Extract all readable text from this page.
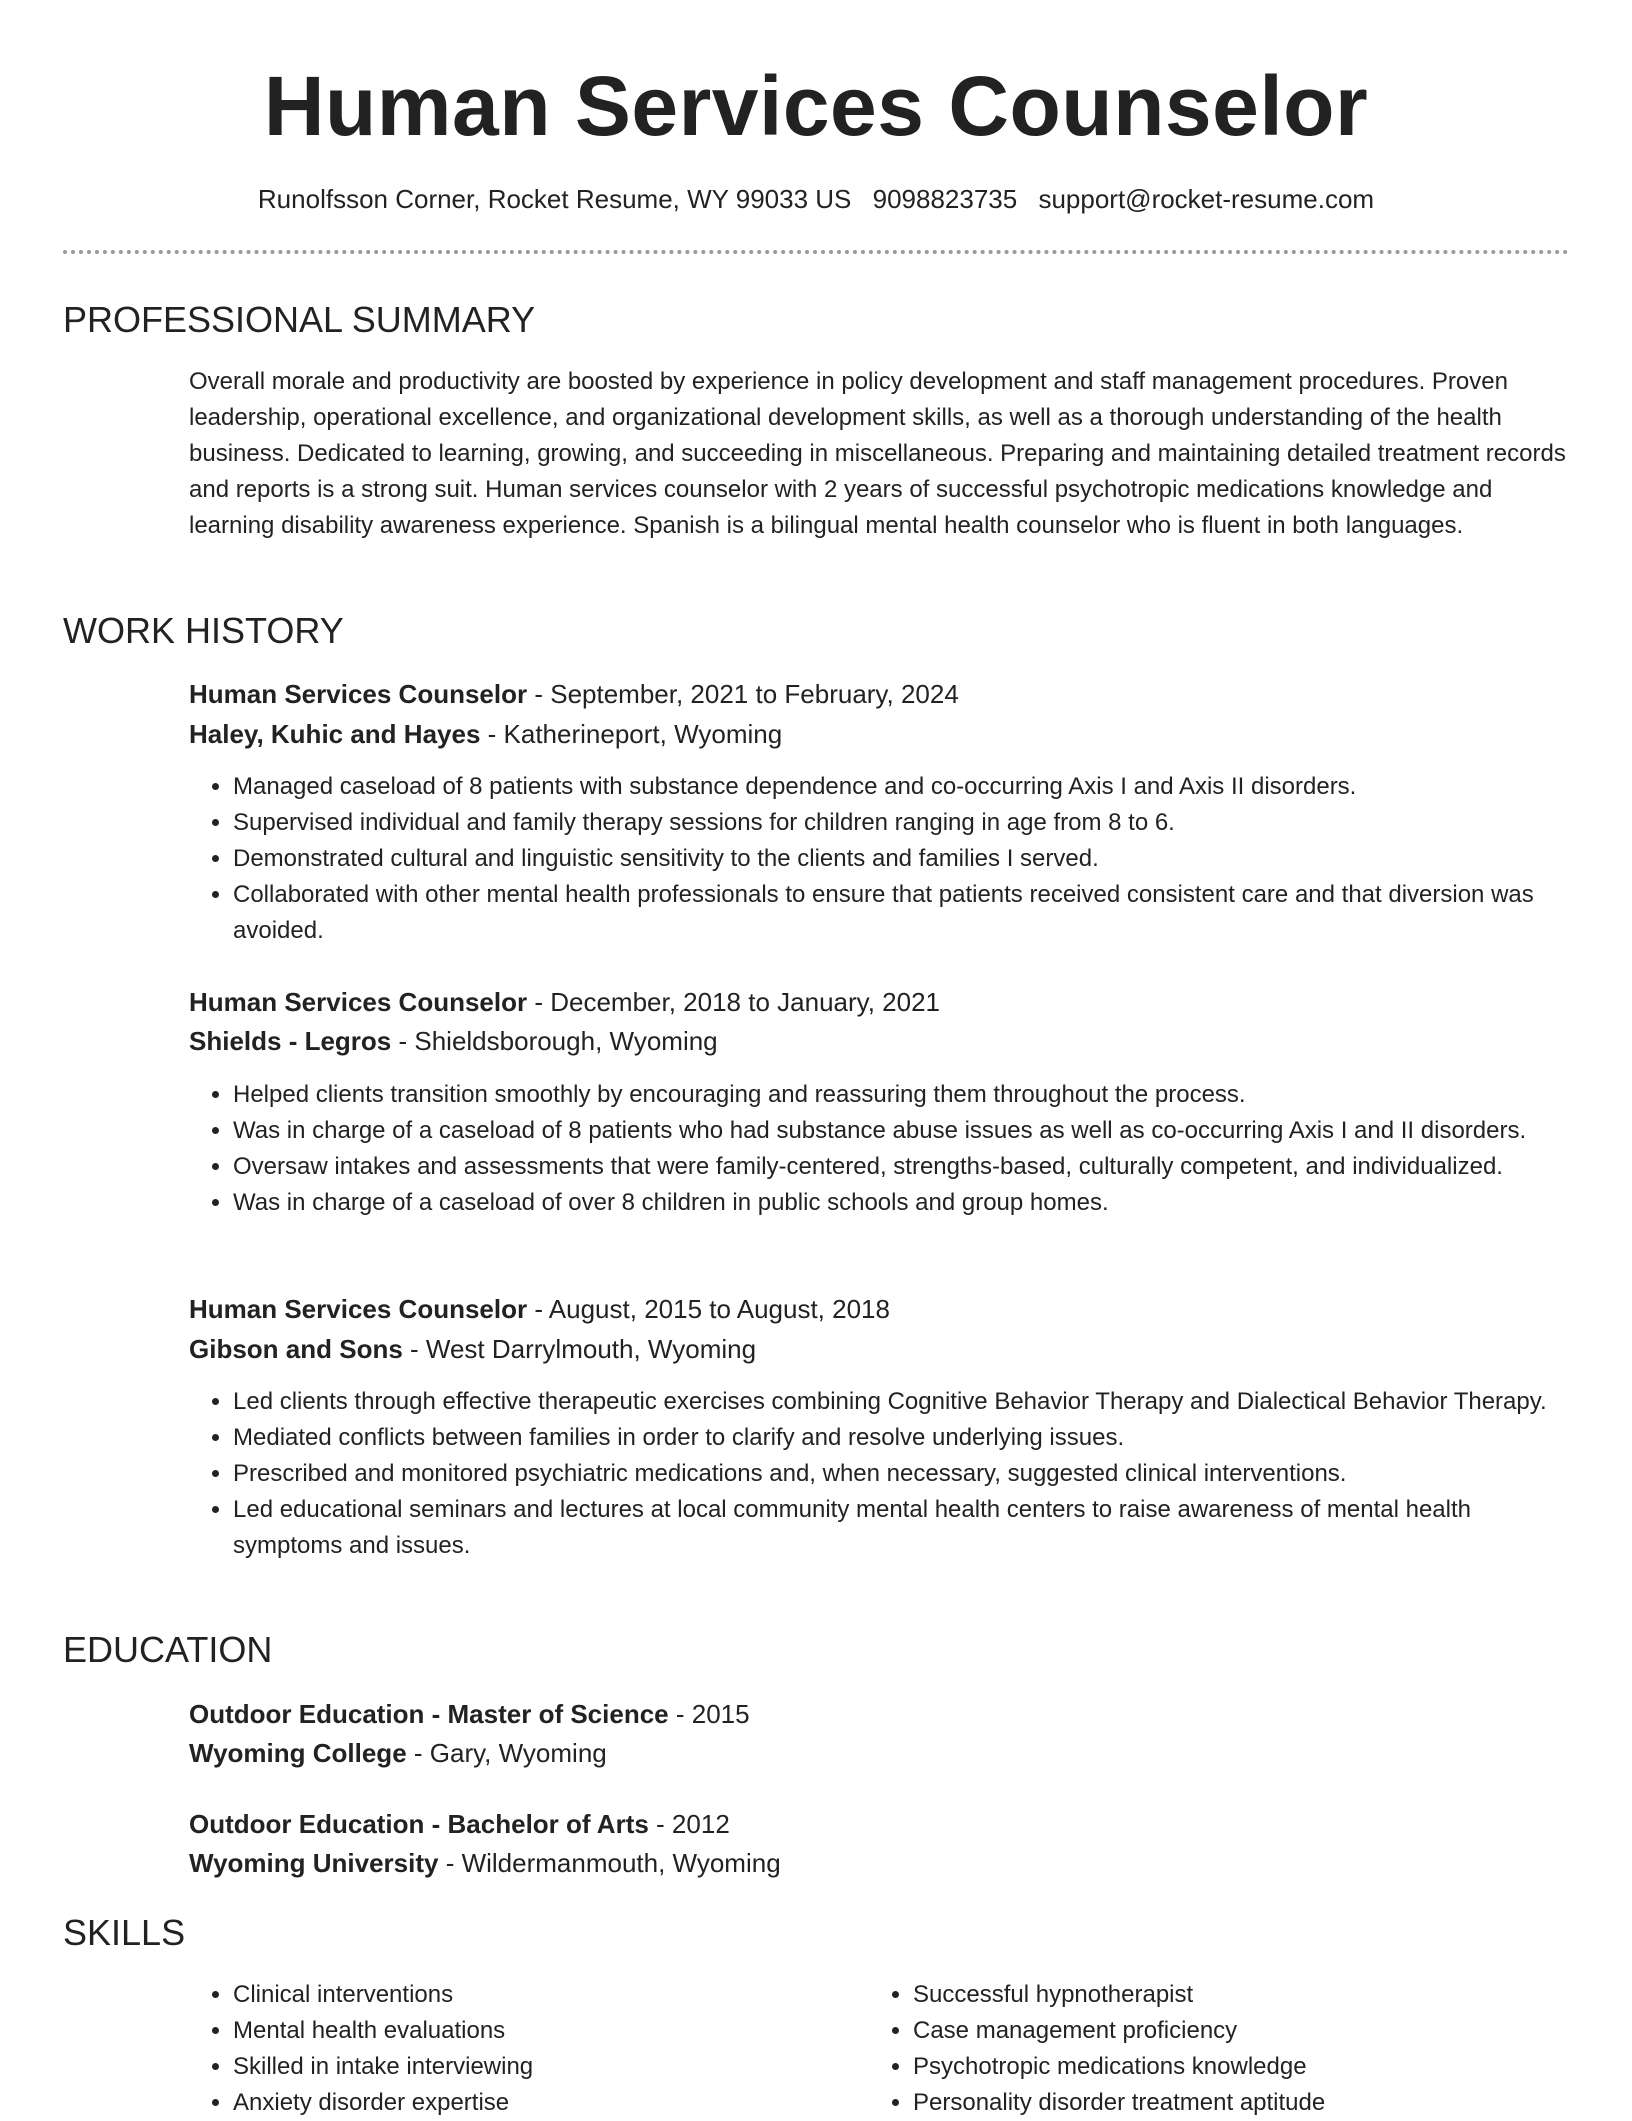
Human Services Counselor
Runolfsson Corner, Rocket Resume, WY 99033 US 9098823735 support@rocket-resume.com
PROFESSIONAL SUMMARY

Overall morale and productivity are boosted by experience in policy development and staff management procedures. Proven leadership, operational excellence, and organizational development skills, as well as a thorough understanding of the health business. Dedicated to learning, growing, and succeeding in miscellaneous. Preparing and maintaining detailed treatment records and reports is a strong suit. Human services counselor with 2 years of successful psychotropic medications knowledge and learning disability awareness experience. Spanish is a bilingual mental health counselor who is fluent in both languages.

WORK HISTORY
Human Services Counselor - September, 2021 to February, 2024
Haley, Kuhic and Hayes - Katherineport, Wyoming
• Managed caseload of 8 patients with substance dependence and co-occurring Axis I and Axis II disorders.
• Supervised individual and family therapy sessions for children ranging in age from 8 to 6.
• Demonstrated cultural and linguistic sensitivity to the clients and families I served.
• Collaborated with other mental health professionals to ensure that patients received consistent care and that diversion was avoided.
Human Services Counselor - December, 2018 to January, 2021
Shields - Legros - Shieldsborough, Wyoming
• Helped clients transition smoothly by encouraging and reassuring them throughout the process.
• Was in charge of a caseload of 8 patients who had substance abuse issues as well as co-occurring Axis I and II disorders.
• Oversaw intakes and assessments that were family-centered, strengths-based, culturally competent, and individualized.
• Was in charge of a caseload of over 8 children in public schools and group homes.
Human Services Counselor - August, 2015 to August, 2018
Gibson and Sons - West Darrylmouth, Wyoming
• Led clients through effective therapeutic exercises combining Cognitive Behavior Therapy and Dialectical Behavior Therapy.
• Mediated conflicts between families in order to clarify and resolve underlying issues.
• Prescribed and monitored psychiatric medications and, when necessary, suggested clinical interventions.
• Led educational seminars and lectures at local community mental health centers to raise awareness of mental health symptoms and issues.
EDUCATION
Outdoor Education - Master of Science - 2015
Wyoming College - Gary, Wyoming
Outdoor Education - Bachelor of Arts - 2012
Wyoming University - Wildermanmouth, Wyoming
SKILLS
• Clinical interventions
• Mental health evaluations
• Skilled in intake interviewing
• Anxiety disorder expertise
• Successful hypnotherapist
• Case management proficiency
• Psychotropic medications knowledge
• Personality disorder treatment aptitude
